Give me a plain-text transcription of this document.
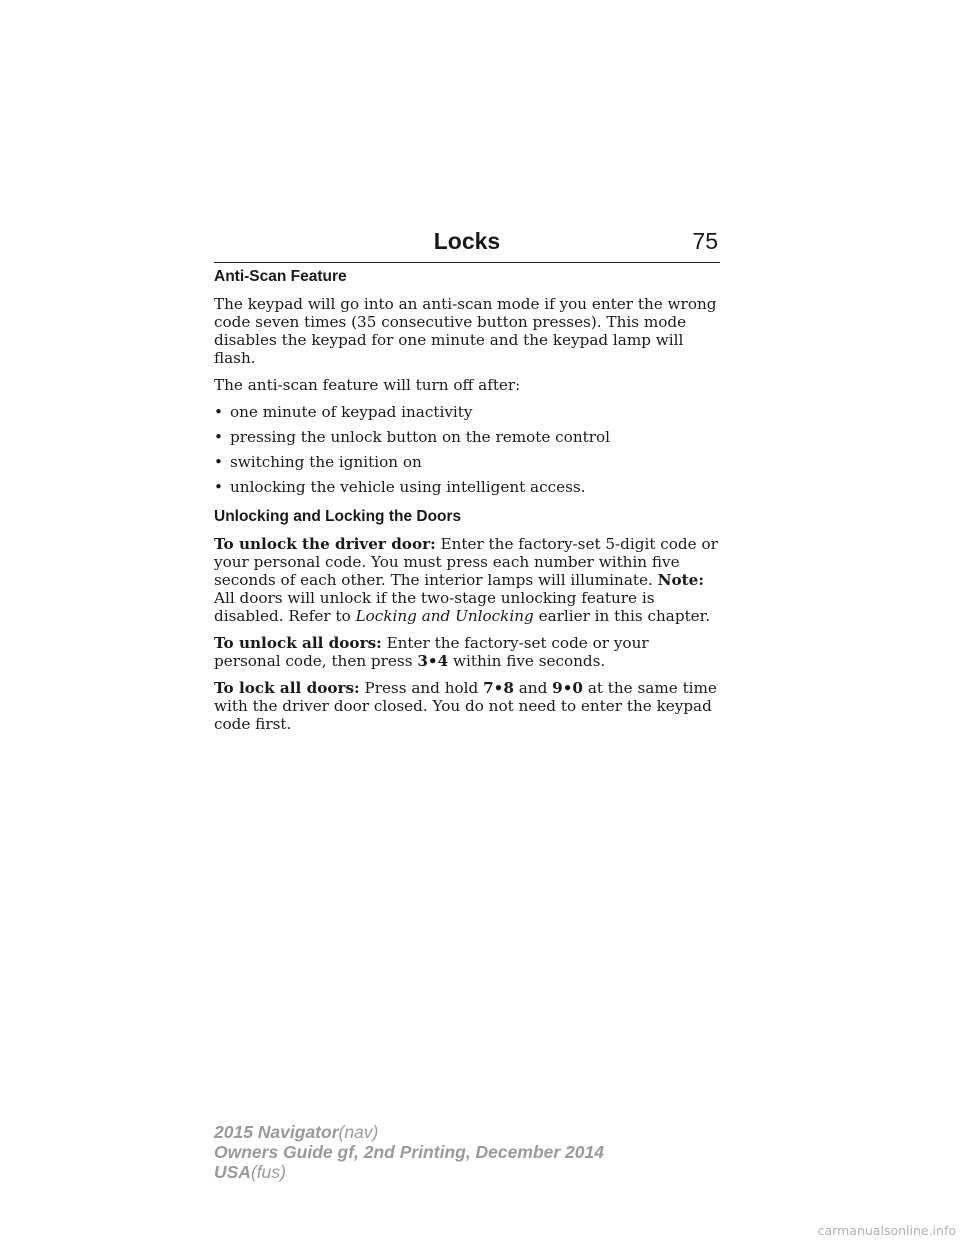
Locks	75
Anti-Scan Feature

The keypad will go into an anti-scan mode if you enter the wrong code seven times (35 consecutive button presses). This mode disables the keypad for one minute and the keypad lamp will flash.

The anti-scan feature will turn off after:

• one minute of keypad inactivity
• pressing the unlock button on the remote control
• switching the ignition on
• unlocking the vehicle using intelligent access.
Unlocking and Locking the Doors

To unlock the driver door: Enter the factory-set 5-digit code or your personal code. You must press each number within five seconds of each other. The interior lamps will illuminate. Note: All doors will unlock if the two-stage unlocking feature is disabled. Refer to Locking and Unlocking earlier in this chapter.

To unlock all doors: Enter the factory-set code or your personal code, then press 3•4 within five seconds.

To lock all doors: Press and hold 7•8 and 9•0 at the same time with the driver door closed. You do not need to enter the keypad code first.

2015 Navigator(nav)
Owners Guide gf, 2nd Printing, December 2014
USA(fus)
carmanualsonline.info
